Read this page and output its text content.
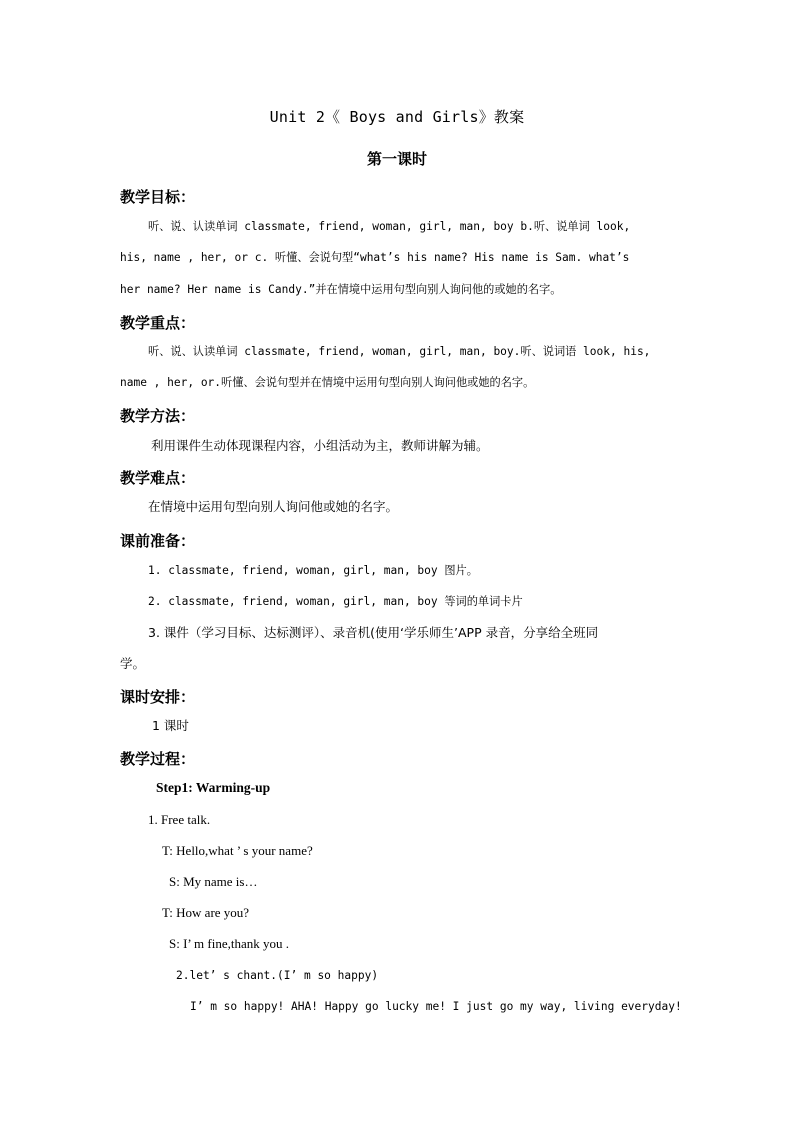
Unit 2《 Boys and Girls》教案
第一课时
教学目标：
听、说、认读单词 classmate, friend, woman, girl, man, boy b.听、说单词 look,
his, name , her, or c. 听懂、会说句型“what’s his name? His name is Sam. what’s
her name? Her name is Candy.”并在情境中运用句型向别人询问他的或她的名字。
教学重点：
听、说、认读单词 classmate, friend, woman, girl, man, boy.听、说词语 look, his,
name , her, or.听懂、会说句型并在情境中运用句型向别人询问他或她的名字。
教学方法：
利用课件生动体现课程内容，小组活动为主，教师讲解为辅。
教学难点：
在情境中运用句型向别人询问他或她的名字。
课前准备：
1. classmate, friend, woman, girl, man, boy 图片。
2. classmate, friend, woman, girl, man, boy 等词的单词卡片
3. 课件（学习目标、达标测评）、录音机(使用‘学乐师生’APP 录音，分享给全班同
学。
课时安排：
1 课时
教学过程：
Step1: Warming-up
1. Free talk.
T: Hello,what ’ s your name?
S: My name is…
T: How are you?
S: I’ m fine,thank you .
2.let’ s chant.(I’ m so happy)
I’ m so happy! AHA! Happy go lucky me! I just go my way, living everyday!
